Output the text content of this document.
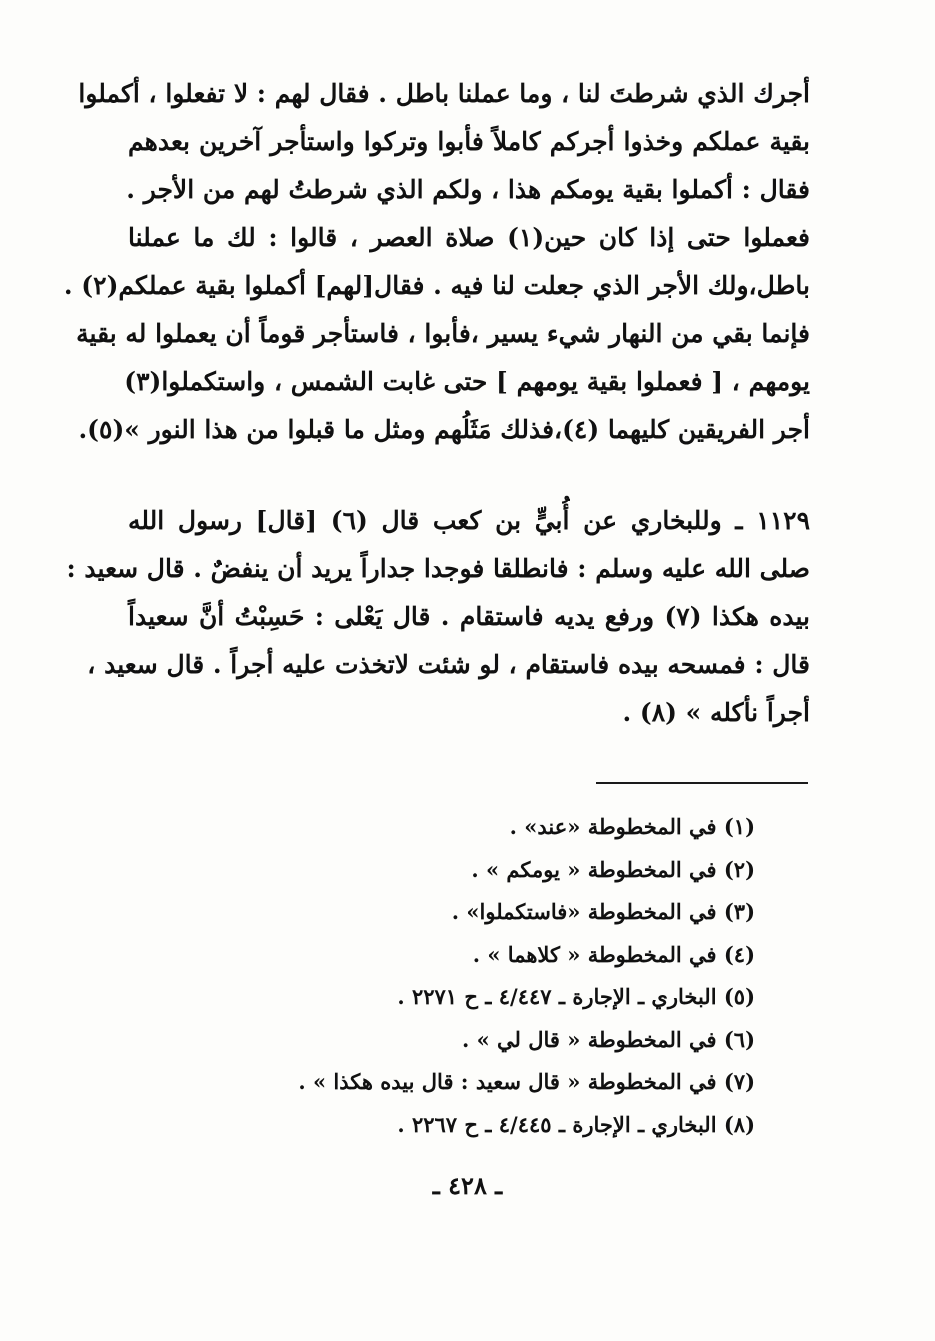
أجرك الذي شرطتَ لنا ، وما عملنا باطل . فقال لهم : لا تفعلوا ، أكملوا
بقية عملكم وخذوا أجركم كاملاً فأبوا وتركوا واستأجر آخرين بعدهم
فقال : أكملوا بقية يومكم هذا ، ولكم الذي شرطتُ لهم من الأجر .
فعملوا حتى إذا كان حين(١) صلاة العصر ، قالوا : لك ما عملنا
باطل،ولك الأجر الذي جعلت لنا فيه . فقال[لهم] أكملوا بقية عملكم(٢) .
فإنما بقي من النهار شيء يسير ،فأبوا ، فاستأجر قوماً أن يعملوا له بقية
يومهم ، [ فعملوا بقية يومهم ] حتى غابت الشمس ، واستكملوا(٣)
أجر الفريقين كليهما (٤)،فذلك مَثَلُهم ومثل ما قبلوا من هذا النور »(٥).
١١٢٩ ـ وللبخاري عن أُبيٍّ بن كعب قال (٦) [قال] رسول الله
صلى الله عليه وسلم : فانطلقا فوجدا جداراً يريد أن ينفضٌ . قال سعيد :
بيده هكذا (٧) ورفع يديه فاستقام . قال يَعْلى : حَسِبْتُ أنَّ سعيداً
قال : فمسحه بيده فاستقام ، لو شئت لاتخذت عليه أجراً . قال سعيد ،
أجراً نأكله » (٨) .
(١) في المخطوطة «عند» .
(٢) في المخطوطة « يومكم » .
(٣) في المخطوطة «فاستكملوا» .
(٤) في المخطوطة « كلاهما » .
(٥) البخاري ـ الإجارة ـ ٤/٤٤٧ ـ ح ٢٢٧١ .
(٦) في المخطوطة « قال لي » .
(٧) في المخطوطة « قال سعيد : قال بيده هكذا » .
(٨) البخاري ـ الإجارة ـ ٤/٤٤٥ ـ ح ٢٢٦٧ .
ـ ٤٢٨ ـ
